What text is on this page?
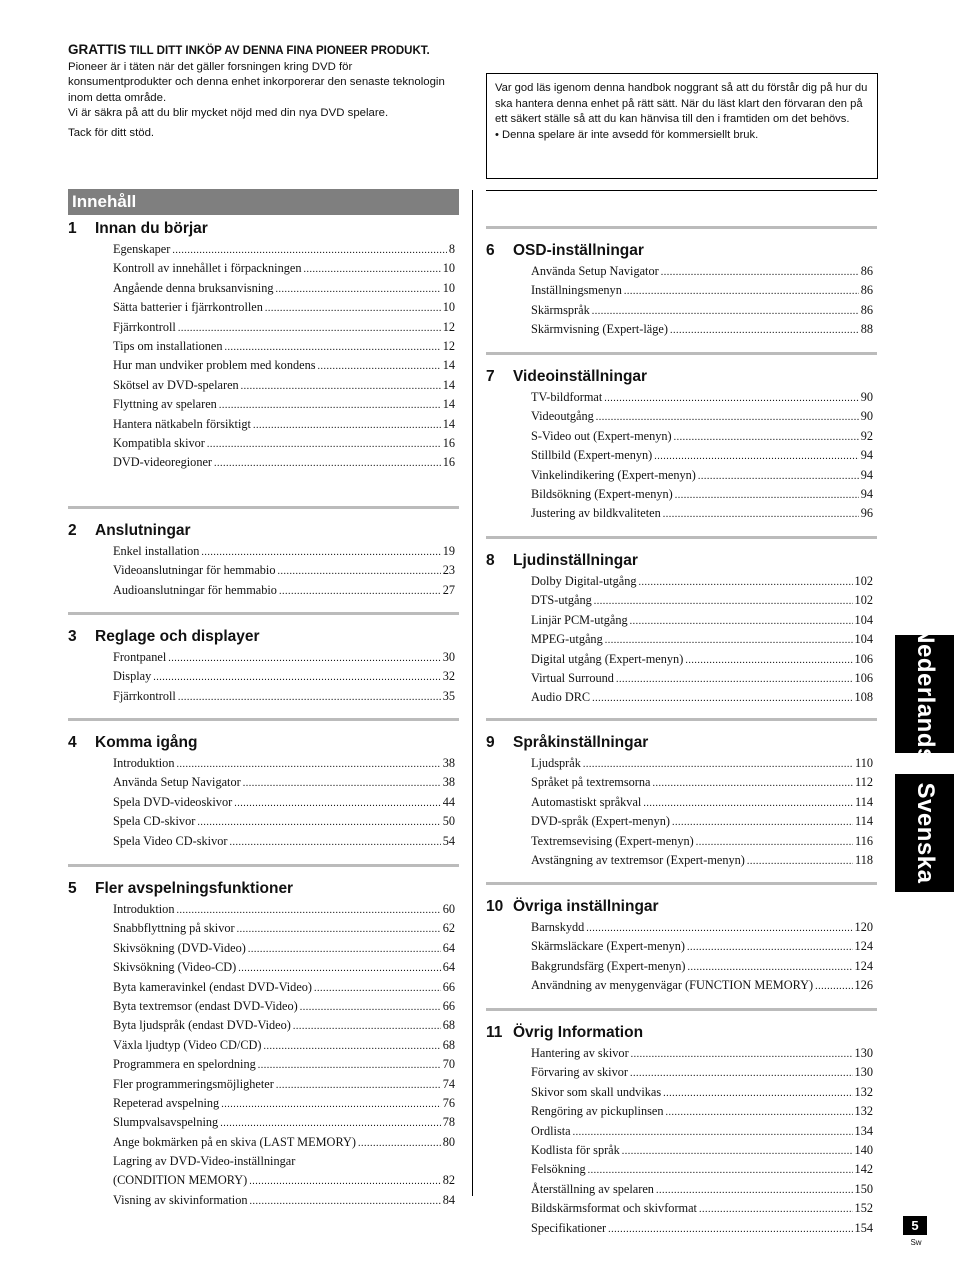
GRATTIS TILL DITT INKÖP AV DENNA FINA PIONEER PRODUKT.

Pioneer är i täten när det gäller forsningen kring DVD för konsumentprodukter och denna enhet inkorporerar den senaste teknologin inom detta område.

Vi är säkra på att du blir mycket nöjd med din nya DVD spelare.

Tack för ditt stöd.

Var god läs igenom denna handbok noggrant så att du förstår dig på hur du ska hantera denna enhet på rätt sätt. När du läst klart den förvaran den på ett säkert ställe så att du kan hänvisa till den i framtiden om det behövs.

• Denna spelare är inte avsedd för kommersiellt bruk.

Innehåll
1 Innan du börjar
Egenskaper .....	8
Kontroll av innehållet i förpackningen .....	10
Angående denna bruksanvisning .....	10
Sätta batterier i fjärrkontrollen .....	10
Fjärrkontroll .....	12
Tips om installationen .....	12
Hur man undviker problem med kondens .....	14
Skötsel av DVD-spelaren .....	14
Flyttning av spelaren .....	14
Hantera nätkabeln försiktigt .....	14
Kompatibla skivor .....	16
DVD-videoregioner .....	16
2 Anslutningar
Enkel installation .....	19
Videoanslutningar för hemmabio .....	23
Audioanslutningar för hemmabio .....	27
3 Reglage och displayer
Frontpanel .....	30
Display .....	32
Fjärrkontroll .....	35
4 Komma igång
Introduktion .....	38
Använda Setup Navigator .....	38
Spela DVD-videoskivor .....	44
Spela CD-skivor .....	50
Spela Video CD-skivor .....	54
5 Fler avspelningsfunktioner
Introduktion .....	60
Snabbflyttning på skivor .....	62
Skivsökning (DVD-Video) .....	64
Skivsökning (Video-CD) .....	64
Byta kameravinkel (endast DVD-Video) .....	66
Byta textremsor (endast DVD-Video) .....	66
Byta ljudspråk (endast DVD-Video) .....	68
Växla ljudtyp (Video CD/CD) .....	68
Programmera en spelordning .....	70
Fler programmeringsmöjligheter .....	74
Repeterad avspelning .....	76
Slumpvalsavspelning .....	78
Ange bokmärken på en skiva (LAST MEMORY) .....	80
Lagring av DVD-Video-inställningar
(CONDITION MEMORY) .....	82
Visning av skivinformation .....	84
6 OSD-inställningar
Använda Setup Navigator .....	86
Inställningsmenyn .....	86
Skärmspråk .....	86
Skärmvisning (Expert-läge) .....	88
7 Videoinställningar
TV-bildformat .....	90
Videoutgång .....	90
S-Video out (Expert-menyn) .....	92
Stillbild (Expert-menyn) .....	94
Vinkelindikering (Expert-menyn) .....	94
Bildsökning (Expert-menyn) .....	94
Justering av bildkvaliteten .....	96
8 Ljudinställningar
Dolby Digital-utgång .....	102
DTS-utgång .....	102
Linjär PCM-utgång .....	104
MPEG-utgång .....	104
Digital utgång (Expert-menyn) .....	106
Virtual Surround .....	106
Audio DRC .....	108
9 Språkinställningar
Ljudspråk .....	110
Språket på textremsorna .....	112
Automastiskt språkval .....	114
DVD-språk (Expert-menyn) .....	114
Textremsevising (Expert-menyn) .....	116
Avstängning av textremsor (Expert-menyn) .....	118
10 Övriga inställningar
Barnskydd .....	120
Skärmsläckare (Expert-menyn) .....	124
Bakgrundsfärg (Expert-menyn) .....	124
Användning av menygenvägar (FUNCTION MEMORY) .....	126
11 Övrig Information
Hantering av skivor .....	130
Förvaring av skivor .....	130
Skivor som skall undvikas .....	132
Rengöring av pickuplinsen .....	132
Ordlista .....	134
Kodlista för språk .....	140
Felsökning .....	142
Återställning av spelaren .....	150
Bildskärmsformat och skivformat .....	152
Specifikationer .....	154
Nederlands
Svenska
5
Sw
